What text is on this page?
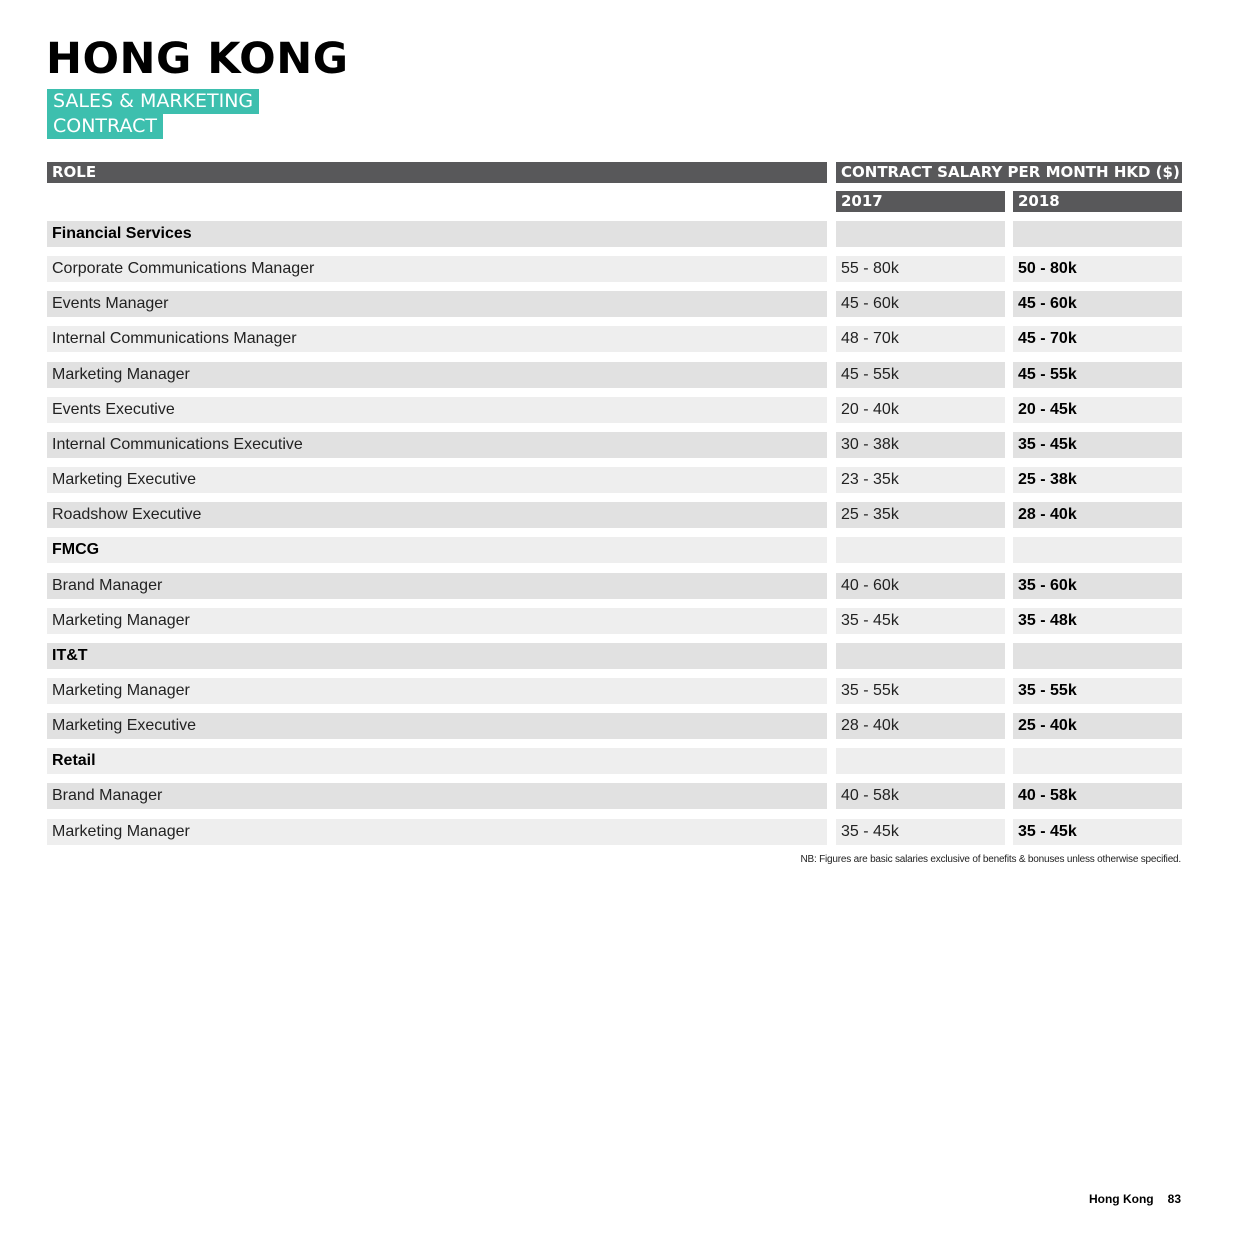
HONG KONG
SALES & MARKETING
CONTRACT
ROLE	CONTRACT SALARY PER MONTH HKD ($)
2017	2018
Financial Services
Corporate Communications Manager	55 - 80k	50 - 80k
Events Manager	45 - 60k	45 - 60k
Internal Communications Manager	48 - 70k	45 - 70k
Marketing Manager	45 - 55k	45 - 55k
Events Executive	20 - 40k	20 - 45k
Internal Communications Executive	30 - 38k	35 - 45k
Marketing Executive	23 - 35k	25 - 38k
Roadshow Executive	25 - 35k	28 - 40k
FMCG
Brand Manager	40 - 60k	35 - 60k
Marketing Manager	35 - 45k	35 - 48k
IT&T
Marketing Manager	35 - 55k	35 - 55k
Marketing Executive	28 - 40k	25 - 40k
Retail
Brand Manager	40 - 58k	40 - 58k
Marketing Manager	35 - 45k	35 - 45k
NB: Figures are basic salaries exclusive of benefits & bonuses unless otherwise specified.
Hong Kong 83
